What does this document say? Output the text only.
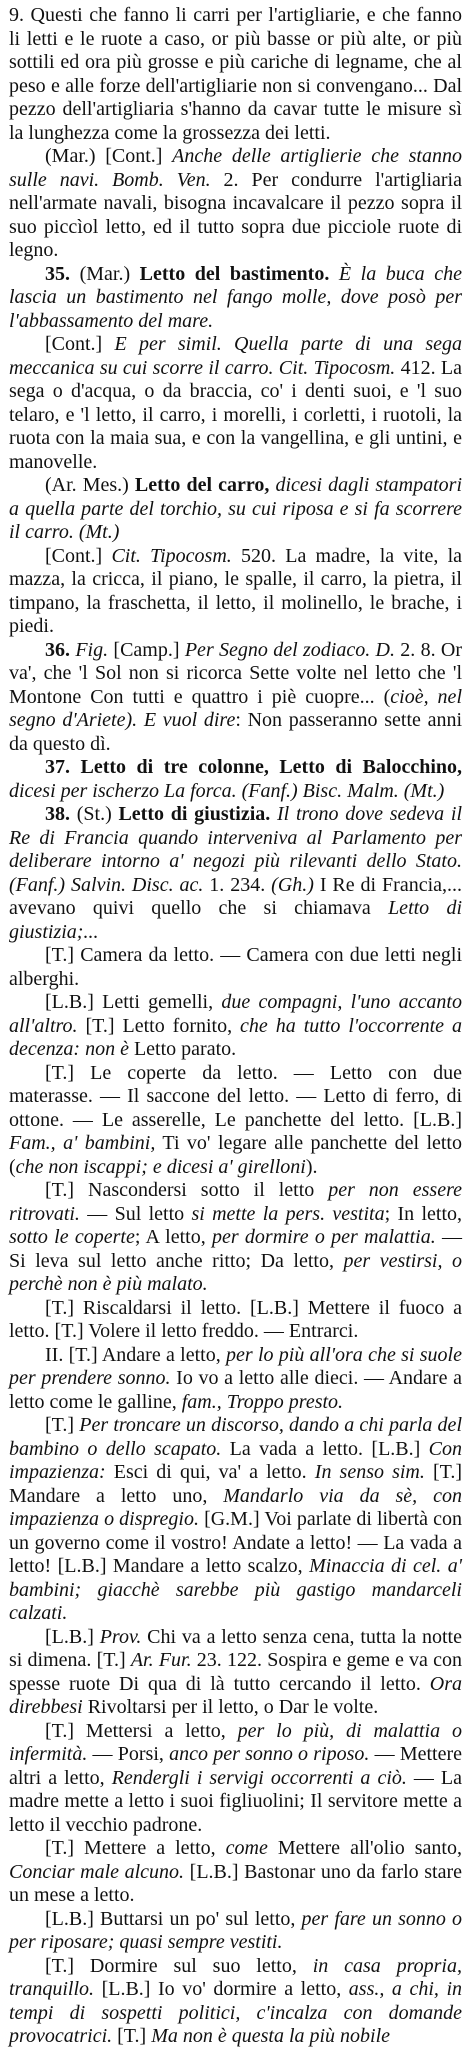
9. Questi che fanno li carri per l'artigliarie, e che fanno li letti e le ruote a caso, or più basse or più alte, or più sottili ed ora più grosse e più cariche di legname, che al peso e alle forze dell'artigliarie non si convengano... Dal pezzo dell'artigliaria s'hanno da cavar tutte le misure sì la lunghezza come la grossezza dei letti.

(Mar.) [Cont.] Anche delle artiglierie che stanno sulle navi. Bomb. Ven. 2. Per condurre l'artigliaria nell'armate navali, bisogna incavalcare il pezzo sopra il suo piccìol letto, ed il tutto sopra due picciole ruote di legno.

35. (Mar.) Letto del bastimento. È la buca che lascia un bastimento nel fango molle, dove posò per l'abbassamento del mare.

[Cont.] E per simil. Quella parte di una sega meccanica su cui scorre il carro. Cit. Tipocosm. 412. La sega o d'acqua, o da braccia, co' i denti suoi, e 'l suo telaro, e 'l letto, il carro, i morelli, i corletti, i ruotoli, la ruota con la maia sua, e con la vangellina, e gli untini, e manovelle.

(Ar. Mes.) Letto del carro, dicesi dagli stampatori a quella parte del torchio, su cui riposa e si fa scorrere il carro. (Mt.)

[Cont.] Cit. Tipocosm. 520. La madre, la vite, la mazza, la cricca, il piano, le spalle, il carro, la pietra, il timpano, la fraschetta, il letto, il molinello, le brache, i piedi.

36. Fig. [Camp.] Per Segno del zodiaco. D. 2. 8. Or va', che 'l Sol non si ricorca Sette volte nel letto che 'l Montone Con tutti e quattro i piè cuopre... (cioè, nel segno d'Ariete). E vuol dire: Non passeranno sette anni da questo dì.

37. Letto di tre colonne, Letto di Balocchino, dicesi per ischerzo La forca. (Fanf.) Bisc. Malm. (Mt.)

38. (St.) Letto di giustizia. Il trono dove sedeva il Re di Francia quando interveniva al Parlamento per deliberare intorno a' negozi più rilevanti dello Stato. (Fanf.) Salvin. Disc. ac. 1. 234. (Gh.) I Re di Francia,... avevano quivi quello che si chiamava Letto di giustizia;...

[T.] Camera da letto. — Camera con due letti negli alberghi.

[L.B.] Letti gemelli, due compagni, l'uno accanto all'altro. [T.] Letto fornito, che ha tutto l'occorrente a decenza: non è Letto parato.

[T.] Le coperte da letto. — Letto con due materasse. — Il saccone del letto. — Letto di ferro, di ottone. — Le asserelle, Le panchette del letto. [L.B.] Fam., a' bambini, Ti vo' legare alle panchette del letto (che non iscappi; e dicesi a' girelloni).

[T.] Nascondersi sotto il letto per non essere ritrovati. — Sul letto si mette la pers. vestita; In letto, sotto le coperte; A letto, per dormire o per malattia. — Si leva sul letto anche ritto; Da letto, per vestirsi, o perchè non è più malato.

[T.] Riscaldarsi il letto. [L.B.] Mettere il fuoco a letto. [T.] Volere il letto freddo. — Entrarci.

II. [T.] Andare a letto, per lo più all'ora che si suole per prendere sonno. Io vo a letto alle dieci. — Andare a letto come le galline, fam., Troppo presto.

[T.] Per troncare un discorso, dando a chi parla del bambino o dello scapato. La vada a letto. [L.B.] Con impazienza: Esci di qui, va' a letto. In senso sim. [T.] Mandare a letto uno, Mandarlo via da sè, con impazienza o dispregio. [G.M.] Voi parlate di libertà con un governo come il vostro! Andate a letto! — La vada a letto! [L.B.] Mandare a letto scalzo, Minaccia di cel. a' bambini; giacchè sarebbe più gastigo mandarceli calzati.

[L.B.] Prov. Chi va a letto senza cena, tutta la notte si dimena. [T.] Ar. Fur. 23. 122. Sospira e geme e va con spesse ruote Di qua di là tutto cercando il letto. Ora direbbesi Rivoltarsi per il letto, o Dar le volte.

[T.] Mettersi a letto, per lo più, di malattia o infermità. — Porsi, anco per sonno o riposo. — Mettere altri a letto, Rendergli i servigi occorrenti a ciò. — La madre mette a letto i suoi figliuolini; Il servitore mette a letto il vecchio padrone.

[T.] Mettere a letto, come Mettere all'olio santo, Conciar male alcuno. [L.B.] Bastonar uno da farlo stare un mese a letto.

[L.B.] Buttarsi un po' sul letto, per fare un sonno o per riposare; quasi sempre vestiti.

[T.] Dormire sul suo letto, in casa propria, tranquillo. [L.B.] Io vo' dormire a letto, ass., a chi, in tempi di sospetti politici, c'incalza con domande provocatrici. [T.] Ma non è questa la più nobile
